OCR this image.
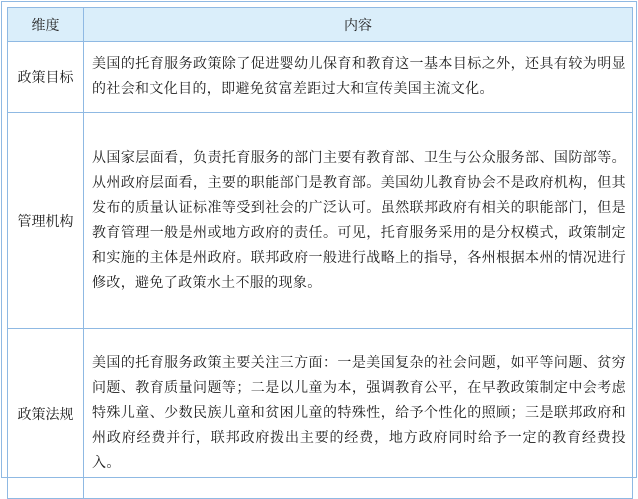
维度	内容
政策目标	美国的托育服务政策除了促进婴幼儿保育和教育这一基本目标之外，还具有较为明显的社会和文化目的，即避免贫富差距过大和宣传美国主流文化。
管理机构	从国家层面看，负责托育服务的部门主要有教育部、卫生与公众服务部、国防部等。从州政府层面看，主要的职能部门是教育部。美国幼儿教育协会不是政府机构，但其发布的质量认证标准等受到社会的广泛认可。虽然联邦政府有相关的职能部门，但是教育管理一般是州或地方政府的责任。可见，托育服务采用的是分权模式，政策制定和实施的主体是州政府。联邦政府一般进行战略上的指导，各州根据本州的情况进行修改，避免了政策水土不服的现象。
政策法规	美国的托育服务政策主要关注三方面：一是美国复杂的社会问题，如平等问题、贫穷问题、教育质量问题等；二是以儿童为本，强调教育公平，在早教政策制定中会考虑特殊儿童、少数民族儿童和贫困儿童的特殊性，给予个性化的照顾；三是联邦政府和州政府经费并行，联邦政府拨出主要的经费，地方政府同时给予一定的教育经费投入。
